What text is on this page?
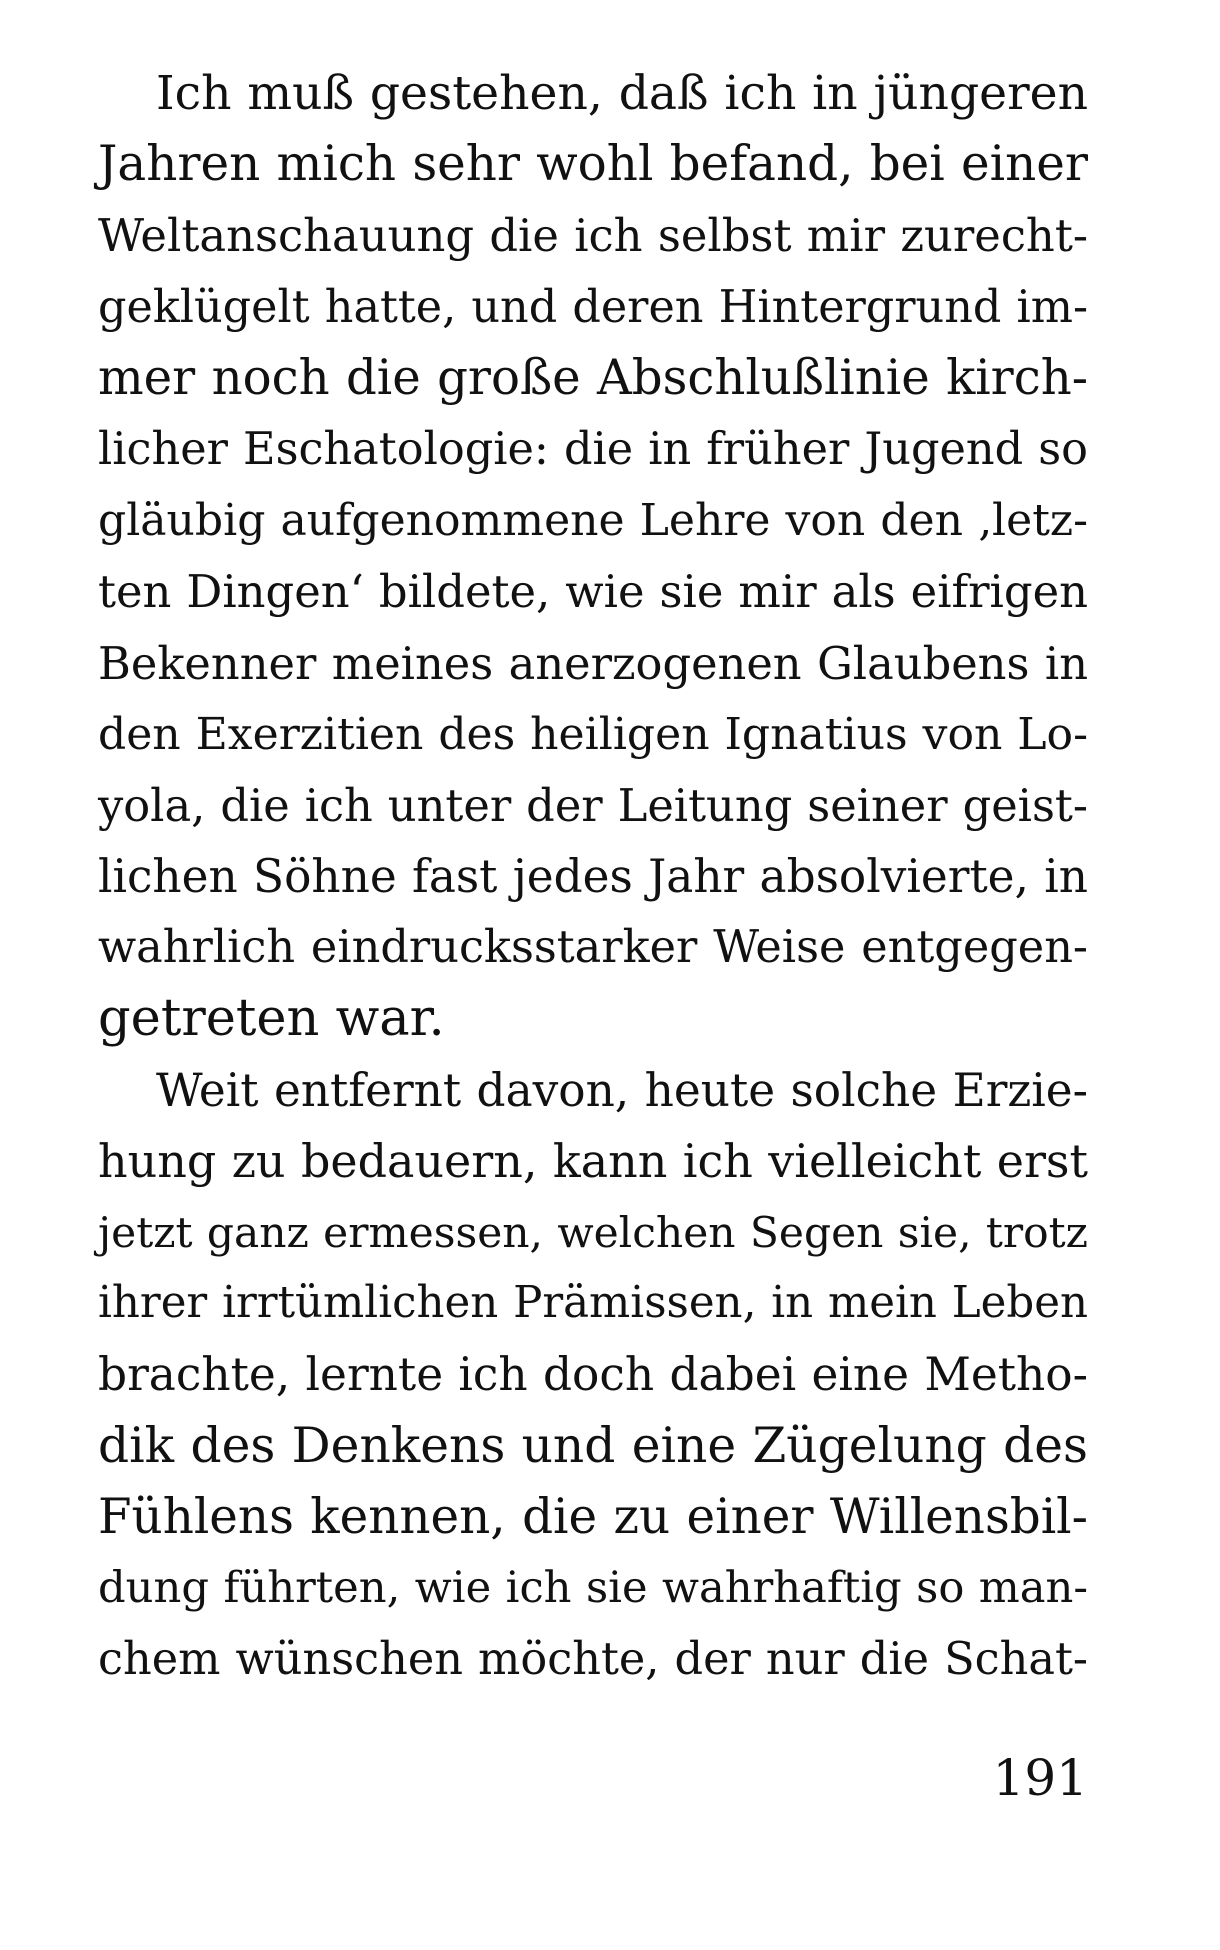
Ich muß gestehen, daß ich in jüngeren
Jahren mich sehr wohl befand, bei einer
Weltanschauung die ich selbst mir zurecht-
geklügelt hatte, und deren Hintergrund im-
mer noch die große Abschlußlinie kirch-
licher Eschatologie: die in früher Jugend so
gläubig aufgenommene Lehre von den ‚letz-
ten Dingen‘ bildete, wie sie mir als eifrigen
Bekenner meines anerzogenen Glaubens in
den Exerzitien des heiligen Ignatius von Lo-
yola, die ich unter der Leitung seiner geist-
lichen Söhne fast jedes Jahr absolvierte, in
wahrlich eindrucksstarker Weise entgegen-
getreten war.
Weit entfernt davon, heute solche Erzie-
hung zu bedauern, kann ich vielleicht erst
jetzt ganz ermessen, welchen Segen sie, trotz
ihrer irrtümlichen Prämissen, in mein Leben
brachte, lernte ich doch dabei eine Metho-
dik des Denkens und eine Zügelung des
Fühlens kennen, die zu einer Willensbil-
dung führten, wie ich sie wahrhaftig so man-
chem wünschen möchte, der nur die Schat-
191
